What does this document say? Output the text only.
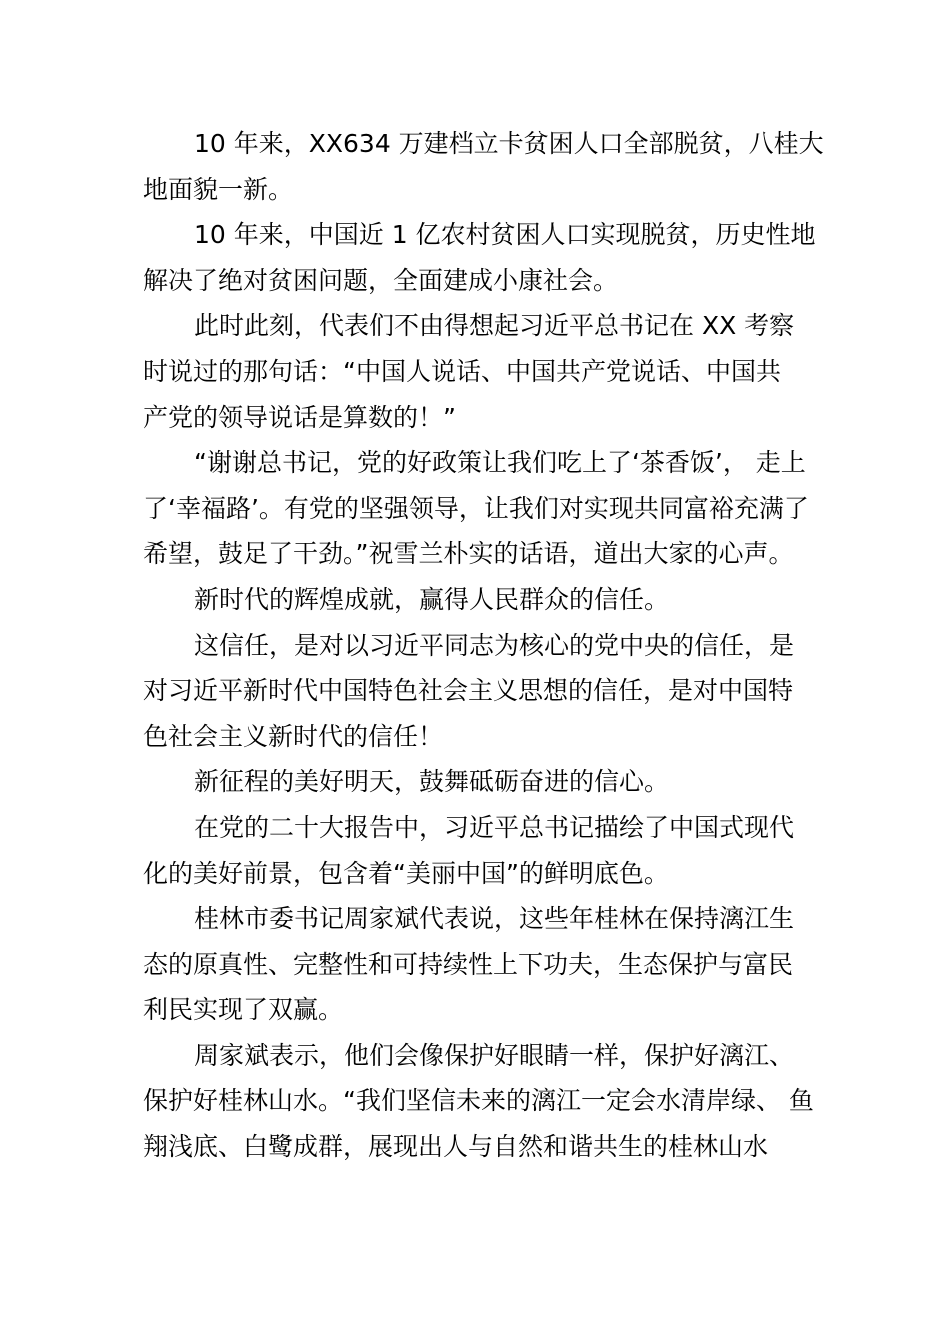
10 年来，XX634 万建档立卡贫困人口全部脱贫，八桂大
地面貌一新。

10 年来，中国近 1 亿农村贫困人口实现脱贫，历史性地
解决了绝对贫困问题，全面建成小康社会。

此时此刻，代表们不由得想起习近平总书记在 XX 考察
时说过的那句话：“中国人说话、中国共产党说话、中国共
产党的领导说话是算数的！”

“谢谢总书记，党的好政策让我们吃上了‘茶香饭’， 走上
了‘幸福路’。有党的坚强领导，让我们对实现共同富裕充满了
希望，鼓足了干劲。”祝雪兰朴实的话语，道出大家的心声。

新时代的辉煌成就，赢得人民群众的信任。

这信任，是对以习近平同志为核心的党中央的信任，是
对习近平新时代中国特色社会主义思想的信任，是对中国特
色社会主义新时代的信任！

新征程的美好明天，鼓舞砥砺奋进的信心。

在党的二十大报告中，习近平总书记描绘了中国式现代
化的美好前景，包含着“美丽中国”的鲜明底色。

桂林市委书记周家斌代表说，这些年桂林在保持漓江生
态的原真性、完整性和可持续性上下功夫，生态保护与富民
利民实现了双赢。

周家斌表示，他们会像保护好眼睛一样，保护好漓江、
保护好桂林山水。“我们坚信未来的漓江一定会水清岸绿、 鱼
翔浅底、白鹭成群，展现出人与自然和谐共生的桂林山水
